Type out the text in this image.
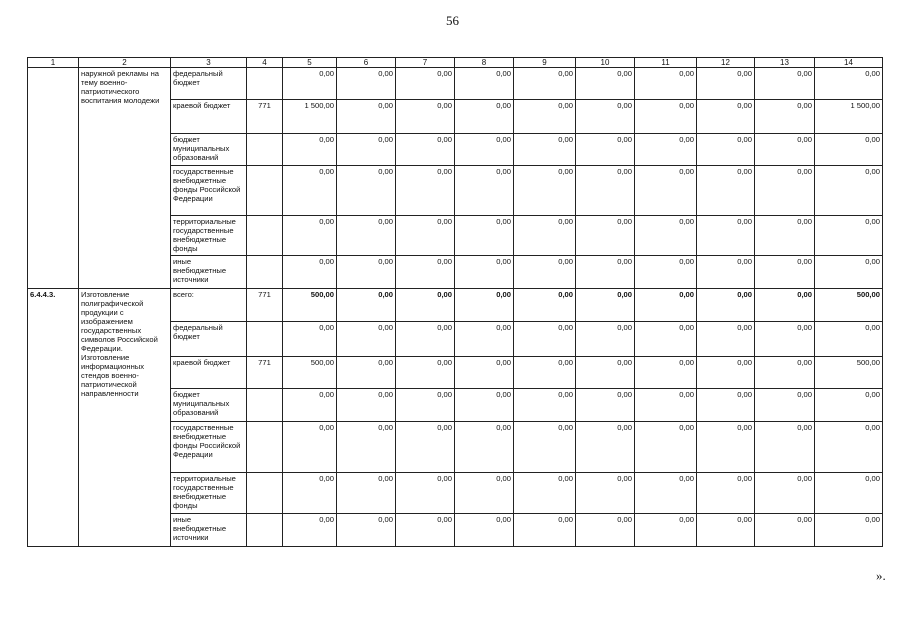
56
1	2	3	4	5	6	7	8	9	10	11	12	13	14
	наружной рекламы на тему военно-патриотического воспитания молодежи	федеральный бюджет		0,00	0,00	0,00	0,00	0,00	0,00	0,00	0,00	0,00	0,00
		краевой бюджет	771	1 500,00	0,00	0,00	0,00	0,00	0,00	0,00	0,00	0,00	1 500,00
		бюджет муниципальных образований		0,00	0,00	0,00	0,00	0,00	0,00	0,00	0,00	0,00	0,00
		государственные внебюджетные фонды Российской Федерации		0,00	0,00	0,00	0,00	0,00	0,00	0,00	0,00	0,00	0,00
		территориальные государственные внебюджетные фонды		0,00	0,00	0,00	0,00	0,00	0,00	0,00	0,00	0,00	0,00
		иные внебюджетные источники		0,00	0,00	0,00	0,00	0,00	0,00	0,00	0,00	0,00	0,00
6.4.4.3.	Изготовление полиграфической продукции с изображением государственных символов Российской Федерации. Изготовление информационных стендов военно-патриотической направленности	всего:	771	500,00	0,00	0,00	0,00	0,00	0,00	0,00	0,00	0,00	500,00
		федеральный бюджет		0,00	0,00	0,00	0,00	0,00	0,00	0,00	0,00	0,00	0,00
		краевой бюджет	771	500,00	0,00	0,00	0,00	0,00	0,00	0,00	0,00	0,00	500,00
		бюджет муниципальных образований		0,00	0,00	0,00	0,00	0,00	0,00	0,00	0,00	0,00	0,00
		государственные внебюджетные фонды Российской Федерации		0,00	0,00	0,00	0,00	0,00	0,00	0,00	0,00	0,00	0,00
		территориальные государственные внебюджетные фонды		0,00	0,00	0,00	0,00	0,00	0,00	0,00	0,00	0,00	0,00
		иные внебюджетные источники		0,00	0,00	0,00	0,00	0,00	0,00	0,00	0,00	0,00	0,00
».
